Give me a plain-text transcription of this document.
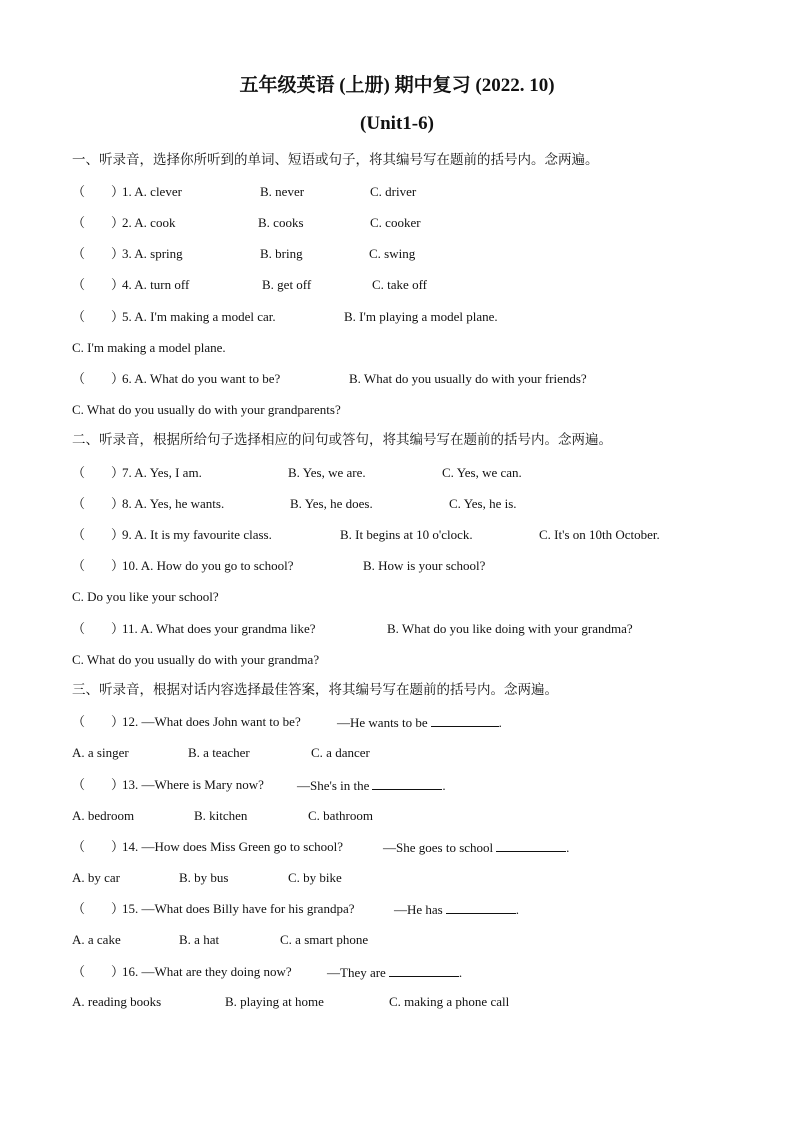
五年级英语 (上册) 期中复习 (2022. 10)
(Unit1-6)
一、听录音，选择你所听到的单词、短语或句子，将其编号写在题前的括号内。念两遍。
（　　）
1. A. clever	B. never	C. driver
（　　）
2. A. cook	B. cooks	C. cooker
（　　）
3. A. spring	B. bring	C. swing
（　　）
4. A. turn off	B. get off	C. take off
（　　）
5. A. I'm making a model car.	B. I'm playing a model plane.
C. I'm making a model plane.
（　　）
6. A. What do you want to be?	B. What do you usually do with your friends?
C. What do you usually do with your grandparents?
二、听录音，根据所给句子选择相应的问句或答句，将其编号写在题前的括号内。念两遍。
（　　）
7. A. Yes, I am.	B. Yes, we are.	C. Yes, we can.
（　　）
8. A. Yes, he wants.	B. Yes, he does.	C. Yes, he is.
（　　）
9. A. It is my favourite class.	B. It begins at 10 o'clock.	C. It's on 10th October.
（　　）
10. A. How do you go to school?	B. How is your school?
C. Do you like your school?
（　　）
11. A. What does your grandma like?	B. What do you like doing with your grandma?
C. What do you usually do with your grandma?
三、听录音，根据对话内容选择最佳答案，将其编号写在题前的括号内。念两遍。
（　　）
12. —What does John want to be?	—He wants to be	.
A. a singer	B. a teacher	C. a dancer
（　　）
13. —Where is Mary now?	—She's in the	.
A. bedroom	B. kitchen	C. bathroom
（　　）
14. —How does Miss Green go to school?	—She goes to school	.
A. by car	B. by bus	C. by bike
（　　）
15. —What does Billy have for his grandpa?	—He has	.
A. a cake	B. a hat	C. a smart phone
（　　）
16. —What are they doing now?	—They are	.
A. reading books	B. playing at home	C. making a phone call
